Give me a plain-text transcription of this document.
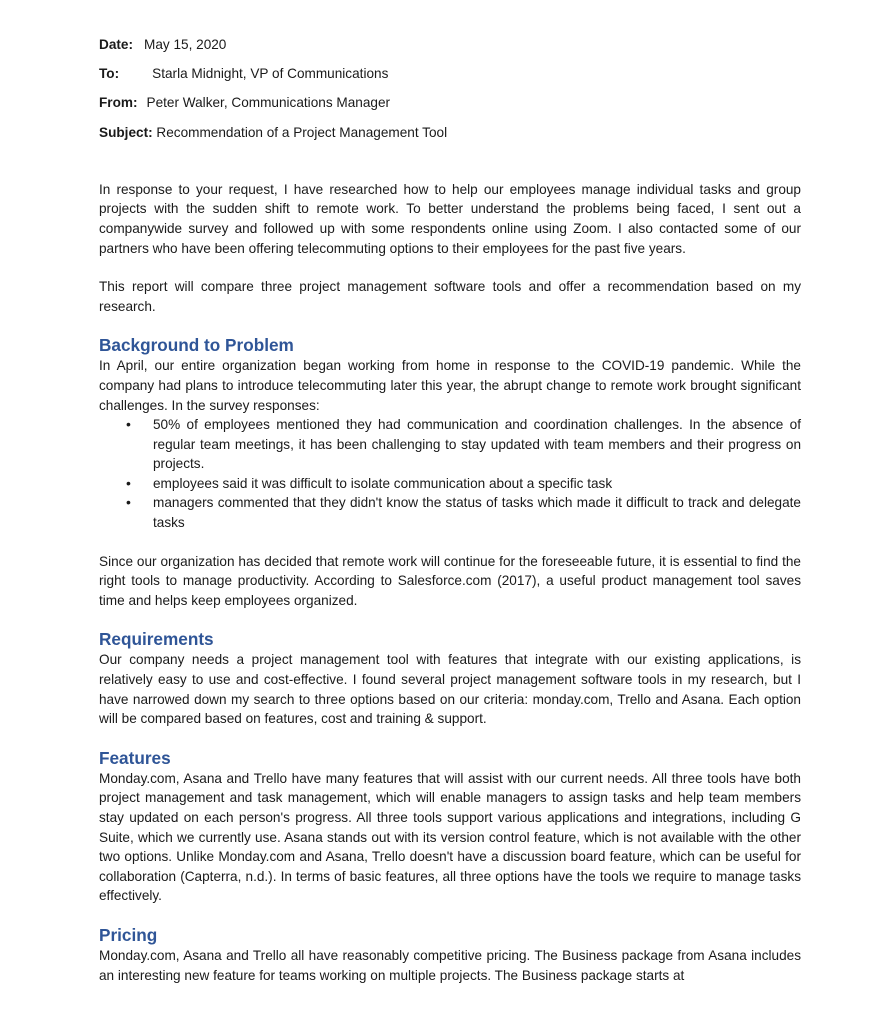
Date: May 15, 2020
To: Starla Midnight, VP of Communications
From: Peter Walker, Communications Manager
Subject: Recommendation of a Project Management Tool

In response to your request, I have researched how to help our employees manage individual tasks and group projects with the sudden shift to remote work. To better understand the problems being faced, I sent out a companywide survey and followed up with some respondents online using Zoom. I also contacted some of our partners who have been offering telecommuting options to their employees for the past five years.

This report will compare three project management software tools and offer a recommendation based on my research.

Background to Problem

In April, our entire organization began working from home in response to the COVID-19 pandemic. While the company had plans to introduce telecommuting later this year, the abrupt change to remote work brought significant challenges. In the survey responses:

• 50% of employees mentioned they had communication and coordination challenges. In the absence of regular team meetings, it has been challenging to stay updated with team members and their progress on projects.
• employees said it was difficult to isolate communication about a specific task
• managers commented that they didn't know the status of tasks which made it difficult to track and delegate tasks

Since our organization has decided that remote work will continue for the foreseeable future, it is essential to find the right tools to manage productivity. According to Salesforce.com (2017), a useful product management tool saves time and helps keep employees organized.

Requirements

Our company needs a project management tool with features that integrate with our existing applications, is relatively easy to use and cost-effective. I found several project management software tools in my research, but I have narrowed down my search to three options based on our criteria: monday.com, Trello and Asana. Each option will be compared based on features, cost and training & support.

Features

Monday.com, Asana and Trello have many features that will assist with our current needs. All three tools have both project management and task management, which will enable managers to assign tasks and help team members stay updated on each person's progress. All three tools support various applications and integrations, including G Suite, which we currently use. Asana stands out with its version control feature, which is not available with the other two options. Unlike Monday.com and Asana, Trello doesn't have a discussion board feature, which can be useful for collaboration (Capterra, n.d.). In terms of basic features, all three options have the tools we require to manage tasks effectively.

Pricing

Monday.com, Asana and Trello all have reasonably competitive pricing. The Business package from Asana includes an interesting new feature for teams working on multiple projects. The Business package starts at
